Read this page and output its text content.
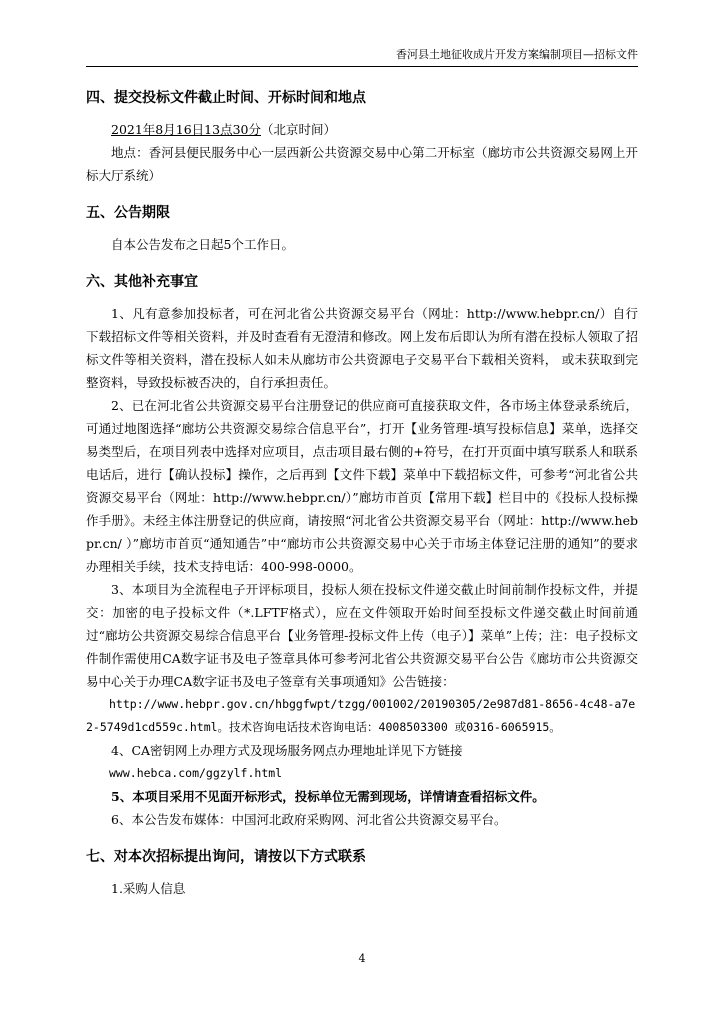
香河县土地征收成片开发方案编制项目—招标文件

四、提交投标文件截止时间、开标时间和地点

2021年8月16日13点30分（北京时间）

地点：香河县便民服务中心一层西新公共资源交易中心第二开标室（廊坊市公共资源交易网上开标大厅系统）

五、公告期限

自本公告发布之日起5个工作日。

六、其他补充事宜

1、凡有意参加投标者，可在河北省公共资源交易平台（网址：http://www.hebpr.cn/）自行下载招标文件等相关资料，并及时查看有无澄清和修改。网上发布后即认为所有潜在投标人领取了招标文件等相关资料，潜在投标人如未从廊坊市公共资源电子交易平台下载相关资料， 或未获取到完整资料，导致投标被否决的，自行承担责任。

2、已在河北省公共资源交易平台注册登记的供应商可直接获取文件，各市场主体登录系统后，可通过地图选择“廊坊公共资源交易综合信息平台”，打开【业务管理-填写投标信息】菜单，选择交易类型后，在项目列表中选择对应项目，点击项目最右侧的+符号，在打开页面中填写联系人和联系电话后，进行【确认投标】操作，之后再到【文件下载】菜单中下载招标文件，可参考“河北省公共资源交易平台（网址：http://www.hebpr.cn/）”廊坊市首页【常用下载】栏目中的《投标人投标操作手册》。未经主体注册登记的供应商，请按照“河北省公共资源交易平台（网址：http://www.hebpr.cn/ ）”廊坊市首页“通知通告”中“廊坊市公共资源交易中心关于市场主体登记注册的通知”的要求办理相关手续，技术支持电话：400-998-0000。

3、本项目为全流程电子开评标项目，投标人须在投标文件递交截止时间前制作投标文件，并提交：加密的电子投标文件（*.LFTF格式），应在文件领取开始时间至投标文件递交截止时间前通过“廊坊公共资源交易综合信息平台【业务管理-投标文件上传（电子）】菜单”上传；注：电子投标文件制作需使用CA数字证书及电子签章具体可参考河北省公共资源交易平台公告《廊坊市公共资源交易中心关于办理CA数字证书及电子签章有关事项通知》公告链接：

http://www.hebpr.gov.cn/hbggfwpt/tzgg/001002/20190305/2e987d81-8656-4c48-a7e2-5749d1cd559c.html。技术咨询电话技术咨询电话：4008503300 或0316-6065915。

4、CA密钥网上办理方式及现场服务网点办理地址详见下方链接

www.hebca.com/ggzylf.html

5、本项目采用不见面开标形式，投标单位无需到现场，详情请查看招标文件。

6、本公告发布媒体：中国河北政府采购网、河北省公共资源交易平台。

七、对本次招标提出询问，请按以下方式联系

1.采购人信息

4
